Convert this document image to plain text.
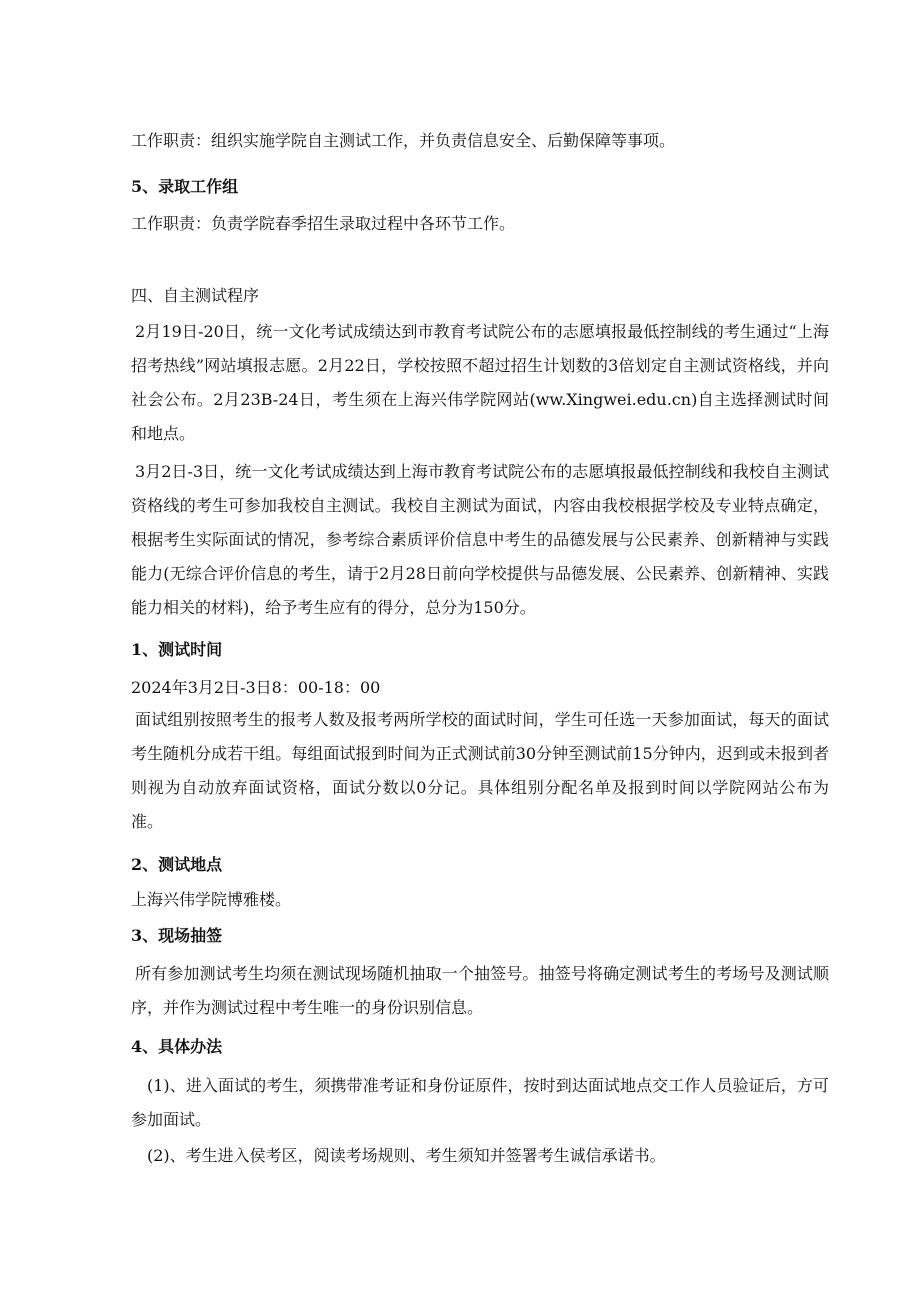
工作职责：组织实施学院自主测试工作，并负责信息安全、后勤保障等事项。
5、录取工作组
工作职责：负责学院春季招生录取过程中各环节工作。
四、自主测试程序
2月19日-20日，统一文化考试成绩达到市教育考试院公布的志愿填报最低控制线的考生通过“上海招考热线”网站填报志愿。2月22日，学校按照不超过招生计划数的3倍划定自主测试资格线，并向社会公布。2月23B-24日，考生须在上海兴伟学院网站(ww.Xingwei.edu.cn)自主选择测试时间和地点。
3月2日-3日，统一文化考试成绩达到上海市教育考试院公布的志愿填报最低控制线和我校自主测试资格线的考生可参加我校自主测试。我校自主测试为面试，内容由我校根据学校及专业特点确定，根据考生实际面试的情况，参考综合素质评价信息中考生的品德发展与公民素养、创新精神与实践能力(无综合评价信息的考生，请于2月28日前向学校提供与品德发展、公民素养、创新精神、实践能力相关的材料)，给予考生应有的得分，总分为150分。
1、测试时间
2024年3月2日-3日8：00-18：00
面试组别按照考生的报考人数及报考两所学校的面试时间，学生可任选一天参加面试，每天的面试考生随机分成若干组。每组面试报到时间为正式测试前30分钟至测试前15分钟内，迟到或未报到者则视为自动放弃面试资格，面试分数以0分记。具体组别分配名单及报到时间以学院网站公布为准。
2、测试地点
上海兴伟学院博雅楼。
3、现场抽签
所有参加测试考生均须在测试现场随机抽取一个抽签号。抽签号将确定测试考生的考场号及测试顺序，并作为测试过程中考生唯一的身份识别信息。
4、具体办法
(1)、进入面试的考生，须携带准考证和身份证原件，按时到达面试地点交工作人员验证后，方可参加面试。
(2)、考生进入侯考区，阅读考场规则、考生须知并签署考生诚信承诺书。
